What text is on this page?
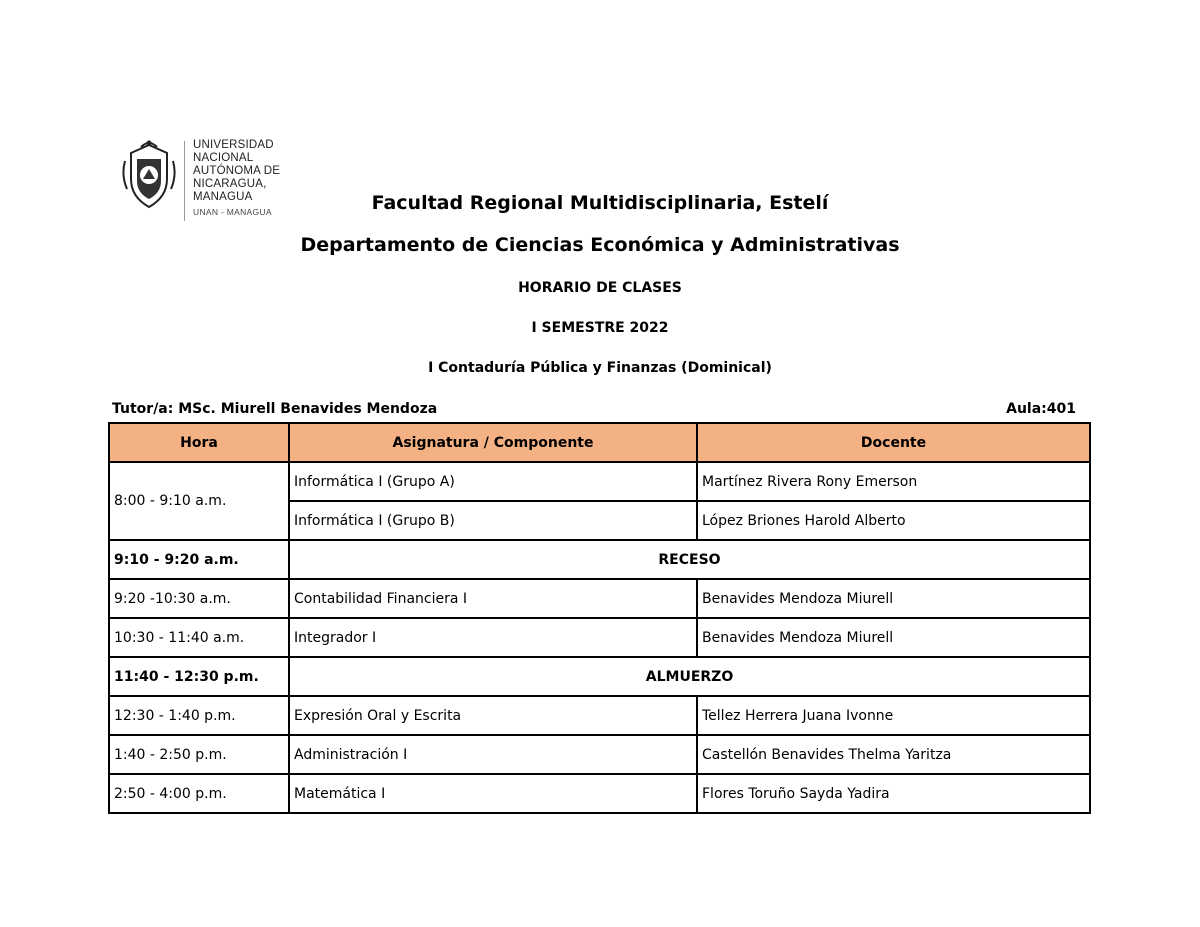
UNIVERSIDAD
NACIONAL
AUTÓNOMA DE
NICARAGUA,
MANAGUA
UNAN - MANAGUA	Facultad Regional Multidisciplinaria, Estelí
Departamento de Ciencias Económica y Administrativas
HORARIO DE CLASES
I SEMESTRE 2022
I Contaduría Pública y Finanzas (Dominical)
Tutor/a: MSc. Miurell Benavides Mendoza	Aula:401
Hora	Asignatura / Componente	Docente
8:00 - 9:10 a.m.	Informática I (Grupo A)	Martínez Rivera Rony Emerson
	Informática I (Grupo B)	López Briones Harold Alberto
9:10 - 9:20 a.m.	RECESO	
9:20 -10:30 a.m.	Contabilidad Financiera I	Benavides Mendoza Miurell
10:30 - 11:40 a.m.	Integrador I	Benavides Mendoza Miurell
11:40 - 12:30 p.m.	ALMUERZO	
12:30 - 1:40 p.m.	Expresión Oral y Escrita	Tellez Herrera Juana Ivonne
1:40 - 2:50 p.m.	Administración I	Castellón Benavides Thelma Yaritza
2:50 - 4:00 p.m.	Matemática I	Flores Toruño Sayda Yadira
